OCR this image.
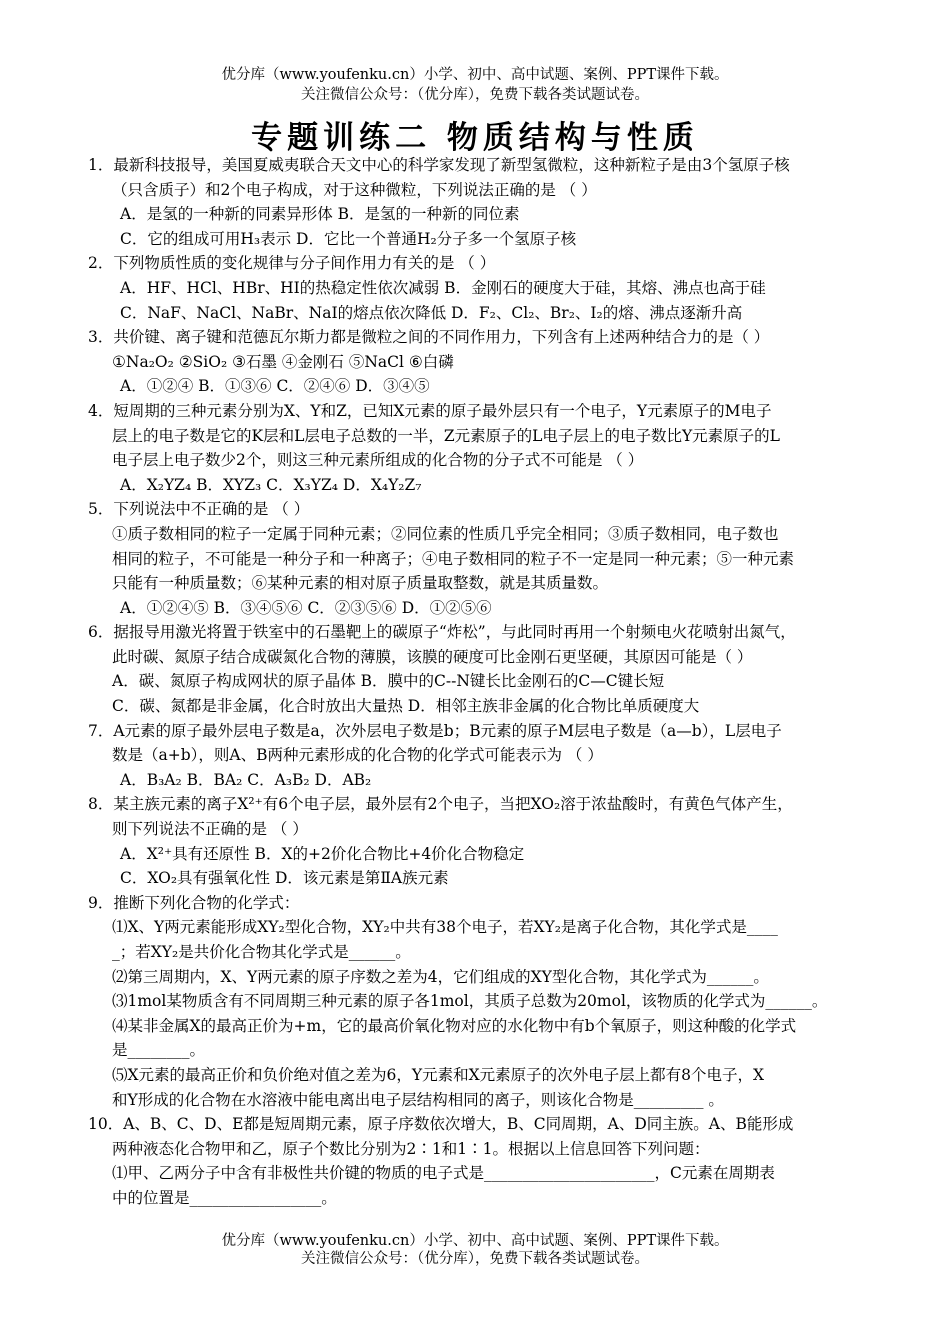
优分库（www.youfenku.cn）小学、初中、高中试题、案例、PPT课件下载。
关注微信公众号：（优分库），免费下载各类试题试卷。
专题训练二 物质结构与性质
1．最新科技报导，美国夏威夷联合天文中心的科学家发现了新型氢微粒，这种新粒子是由3个氢原子核
（只含质子）和2个电子构成，对于这种微粒，下列说法正确的是 （ ）
A．是氢的一种新的同素异形体 B．是氢的一种新的同位素
C．它的组成可用H₃表示 D．它比一个普通H₂分子多一个氢原子核
2．下列物质性质的变化规律与分子间作用力有关的是 （ ）
A．HF、HCl、HBr、HI的热稳定性依次减弱 B．金刚石的硬度大于硅，其熔、沸点也高于硅
C．NaF、NaCl、NaBr、NaI的熔点依次降低 D．F₂、Cl₂、Br₂、I₂的熔、沸点逐渐升高
3．共价键、离子键和范德瓦尔斯力都是微粒之间的不同作用力，下列含有上述两种结合力的是（ ）
①Na₂O₂ ②SiO₂ ③石墨 ④金刚石 ⑤NaCl ⑥白磷
A．①②④ B．①③⑥ C．②④⑥ D．③④⑤
4．短周期的三种元素分别为X、Y和Z，已知X元素的原子最外层只有一个电子，Y元素原子的M电子
层上的电子数是它的K层和L层电子总数的一半，Z元素原子的L电子层上的电子数比Y元素原子的L
电子层上电子数少2个，则这三种元素所组成的化合物的分子式不可能是 （ ）
A．X₂YZ₄ B．XYZ₃ C．X₃YZ₄ D．X₄Y₂Z₇
5．下列说法中不正确的是 （ ）
①质子数相同的粒子一定属于同种元素；②同位素的性质几乎完全相同；③质子数相同，电子数也
相同的粒子，不可能是一种分子和一种离子；④电子数相同的粒子不一定是同一种元素；⑤一种元素
只能有一种质量数；⑥某种元素的相对原子质量取整数，就是其质量数。
A．①②④⑤ B．③④⑤⑥ C．②③⑤⑥ D．①②⑤⑥
6．据报导用激光将置于铁室中的石墨靶上的碳原子“炸松”，与此同时再用一个射频电火花喷射出氮气，
此时碳、氮原子结合成碳氮化合物的薄膜，该膜的硬度可比金刚石更坚硬，其原因可能是（ ）
A．碳、氮原子构成网状的原子晶体 B．膜中的C--N键长比金刚石的C—C键长短
C．碳、氮都是非金属，化合时放出大量热 D．相邻主族非金属的化合物比单质硬度大
7．A元素的原子最外层电子数是a，次外层电子数是b；B元素的原子M层电子数是（a—b），L层电子
数是（a+b），则A、B两种元素形成的化合物的化学式可能表示为 （ ）
A．B₃A₂ B．BA₂ C．A₃B₂ D．AB₂
8．某主族元素的离子X²⁺有6个电子层，最外层有2个电子，当把XO₂溶于浓盐酸时，有黄色气体产生，
则下列说法不正确的是 （ ）
A．X²⁺具有还原性 B．X的+2价化合物比+4价化合物稳定
C．XO₂具有强氧化性 D．该元素是第ⅡA族元素
9．推断下列化合物的化学式：
⑴X、Y两元素能形成XY₂型化合物，XY₂中共有38个电子，若XY₂是离子化合物，其化学式是____
_；若XY₂是共价化合物其化学式是______。
⑵第三周期内，X、Y两元素的原子序数之差为4，它们组成的XY型化合物，其化学式为______。
⑶1mol某物质含有不同周期三种元素的原子各1mol，其质子总数为20mol，该物质的化学式为______。
⑷某非金属X的最高正价为+m，它的最高价氧化物对应的水化物中有b个氧原子，则这种酸的化学式
是________。
⑸X元素的最高正价和负价绝对值之差为6，Y元素和X元素原子的次外电子层上都有8个电子，X
和Y形成的化合物在水溶液中能电离出电子层结构相同的离子，则该化合物是_________ 。
10．A、B、C、D、E都是短周期元素，原子序数依次增大，B、C同周期，A、D同主族。A、B能形成
两种液态化合物甲和乙，原子个数比分别为2∶1和1∶1。根据以上信息回答下列问题：
⑴甲、乙两分子中含有非极性共价键的物质的电子式是______________________，C元素在周期表
中的位置是_________________。
优分库（www.youfenku.cn）小学、初中、高中试题、案例、PPT课件下载。
关注微信公众号：（优分库），免费下载各类试题试卷。
